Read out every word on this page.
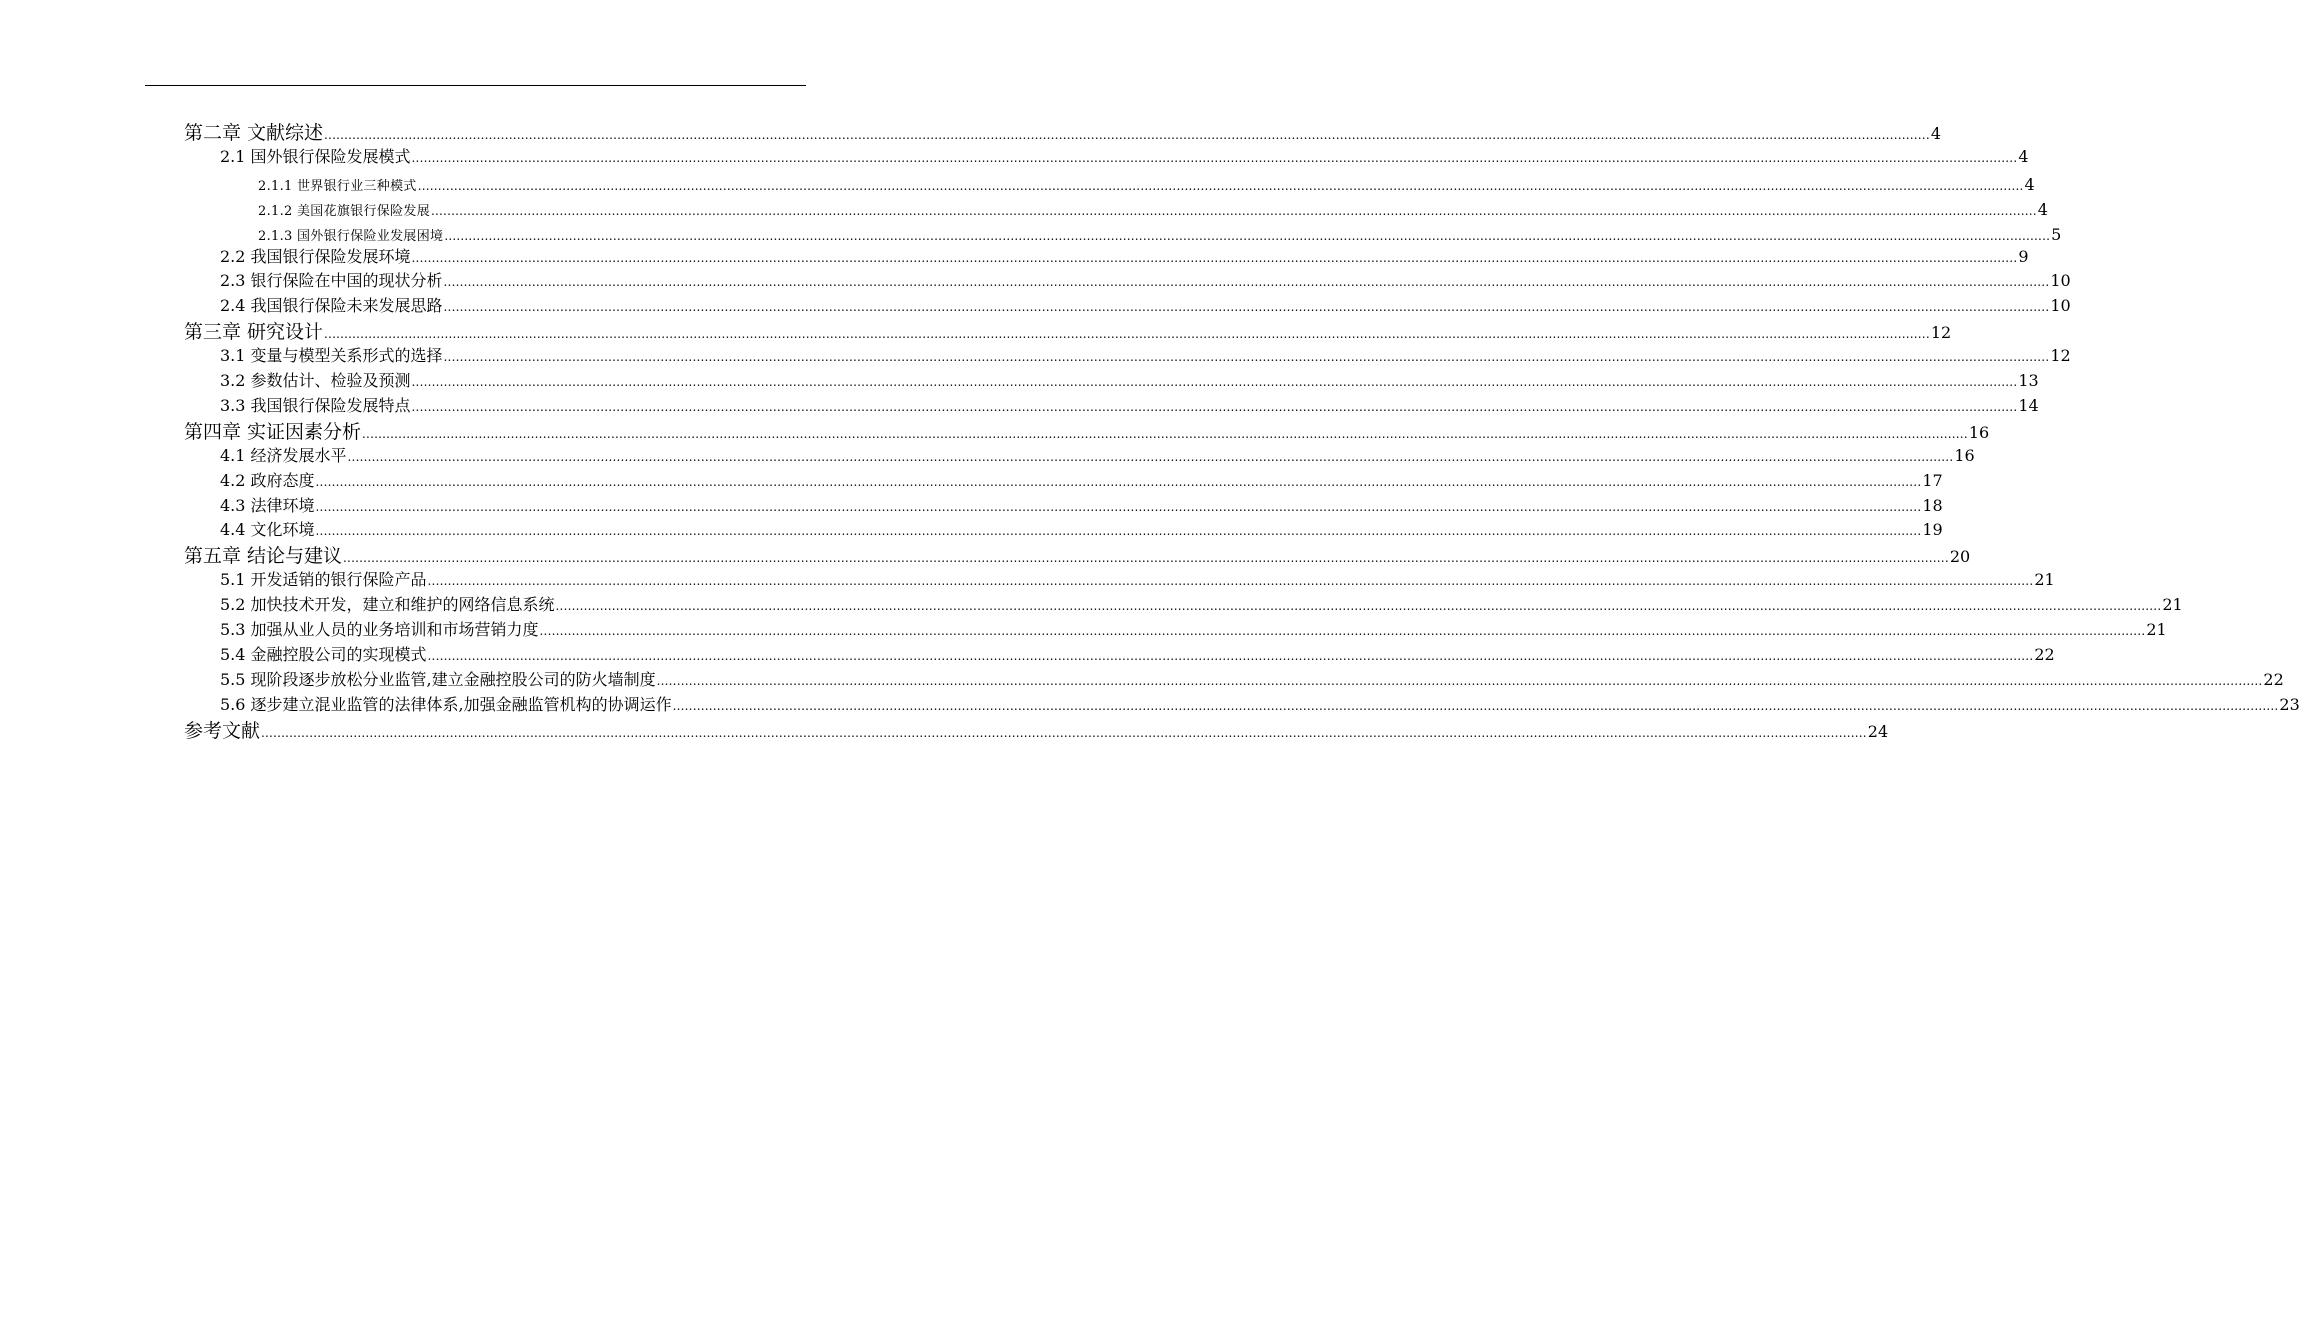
第二章 文献综述 ................................................................................................................................................................................................................................................................................................................................................................................................................ 4
2.1 国外银行保险发展模式 ................................................................................................................................................................................................................................................................................................................................................................................................................ 4
2.1.1 世界银行业三种模式 ................................................................................................................................................................................................................................................................................................................................................................................................................ 4
2.1.2 美国花旗银行保险发展 ................................................................................................................................................................................................................................................................................................................................................................................................................ 4
2.1.3 国外银行保险业发展困境 ................................................................................................................................................................................................................................................................................................................................................................................................................ 5
2.2 我国银行保险发展环境 ................................................................................................................................................................................................................................................................................................................................................................................................................ 9
2.3 银行保险在中国的现状分析 ................................................................................................................................................................................................................................................................................................................................................................................................................ 10
2.4 我国银行保险未来发展思路 ................................................................................................................................................................................................................................................................................................................................................................................................................ 10
第三章 研究设计 ................................................................................................................................................................................................................................................................................................................................................................................................................ 12
3.1 变量与模型关系形式的选择 ................................................................................................................................................................................................................................................................................................................................................................................................................ 12
3.2 参数估计、检验及预测 ................................................................................................................................................................................................................................................................................................................................................................................................................ 13
3.3 我国银行保险发展特点 ................................................................................................................................................................................................................................................................................................................................................................................................................ 14
第四章 实证因素分析 ................................................................................................................................................................................................................................................................................................................................................................................................................ 16
4.1 经济发展水平 ................................................................................................................................................................................................................................................................................................................................................................................................................ 16
4.2 政府态度 ................................................................................................................................................................................................................................................................................................................................................................................................................ 17
4.3 法律环境 ................................................................................................................................................................................................................................................................................................................................................................................................................ 18
4.4 文化环境 ................................................................................................................................................................................................................................................................................................................................................................................................................ 19
第五章 结论与建议 ................................................................................................................................................................................................................................................................................................................................................................................................................ 20
5.1 开发适销的银行保险产品 ................................................................................................................................................................................................................................................................................................................................................................................................................ 21
5.2 加快技术开发，建立和维护的网络信息系统 ................................................................................................................................................................................................................................................................................................................................................................................................................ 21
5.3 加强从业人员的业务培训和市场营销力度 ................................................................................................................................................................................................................................................................................................................................................................................................................ 21
5.4 金融控股公司的实现模式 ................................................................................................................................................................................................................................................................................................................................................................................................................ 22
5.5 现阶段逐步放松分业监管,建立金融控股公司的防火墙制度 ................................................................................................................................................................................................................................................................................................................................................................................................................ 22
5.6 逐步建立混业监管的法律体系,加强金融监管机构的协调运作 ................................................................................................................................................................................................................................................................................................................................................................................................................ 23
参考文献 ................................................................................................................................................................................................................................................................................................................................................................................................................ 24
